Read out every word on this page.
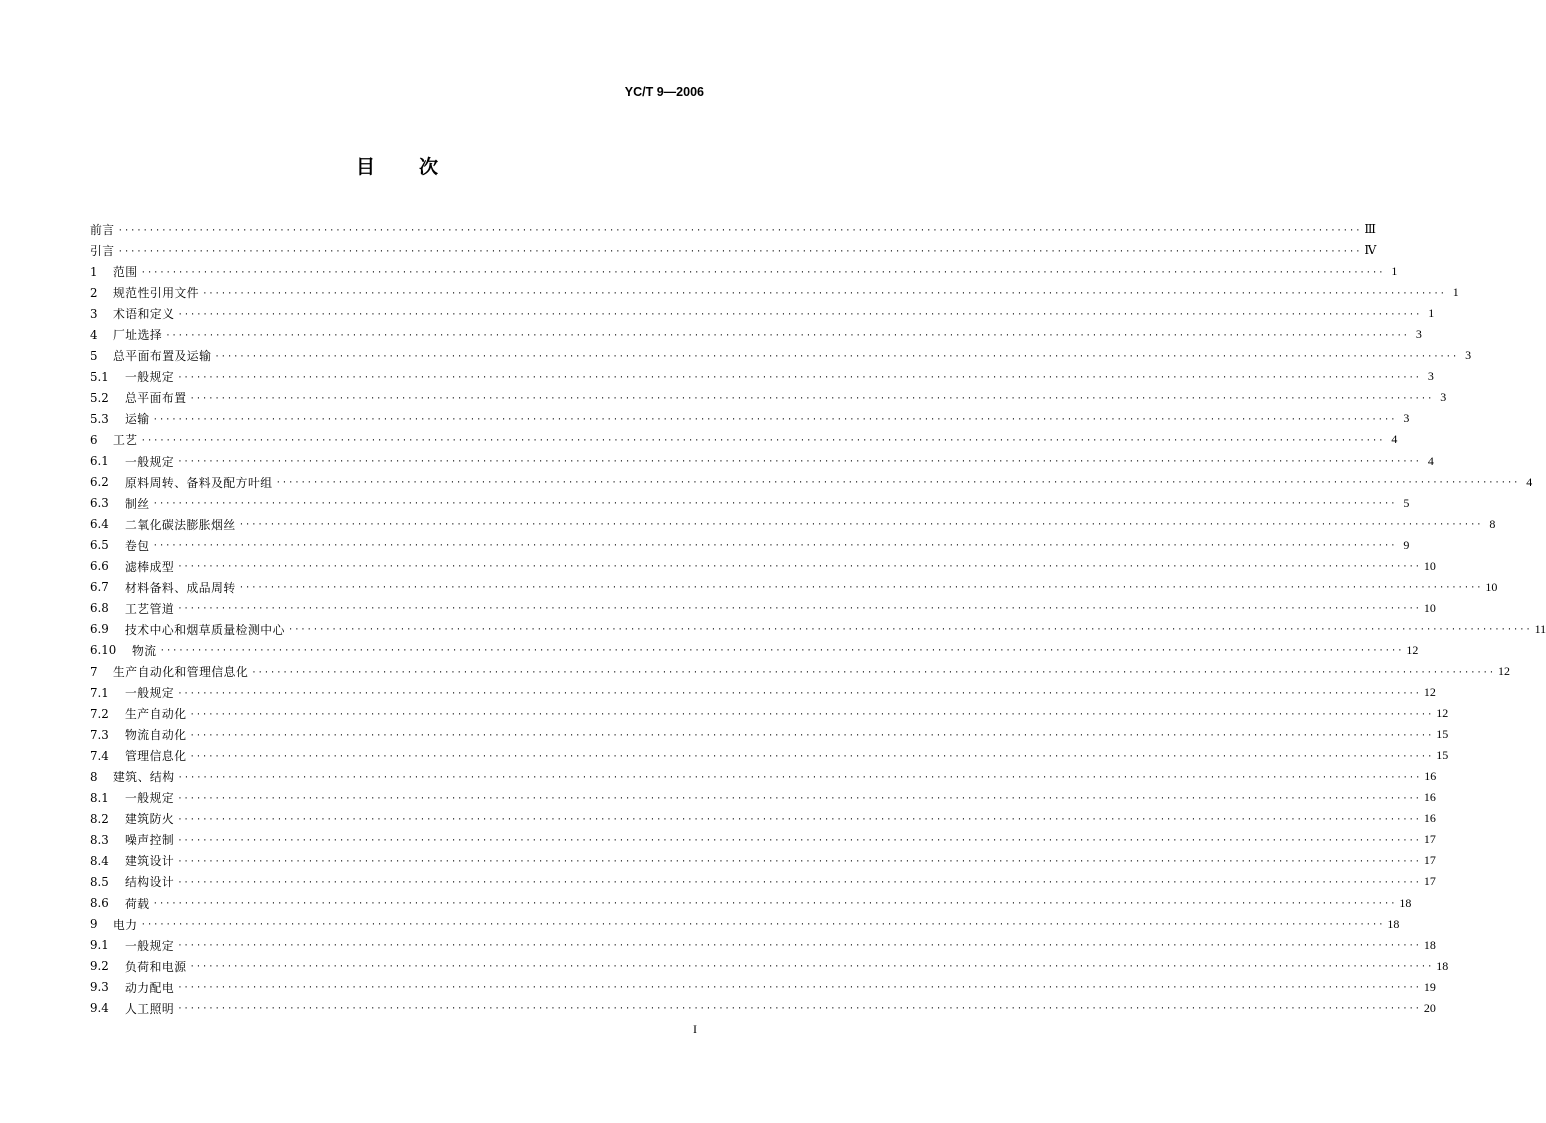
YC/T 9—2006
目 次
前言 ········································································································································································································ Ⅲ
引言 ········································································································································································································ Ⅳ
1	范围 ········································································································································································································ 1
2	规范性引用文件 ········································································································································································································ 1
3	术语和定义 ········································································································································································································ 1
4	厂址选择 ········································································································································································································ 3
5	总平面布置及运输 ········································································································································································································ 3
5.1	一般规定 ········································································································································································································ 3
5.2	总平面布置 ········································································································································································································ 3
5.3	运输 ········································································································································································································ 3
6	工艺 ········································································································································································································ 4
6.1	一般规定 ········································································································································································································ 4
6.2	原料周转、备料及配方叶组 ········································································································································································································ 4
6.3	制丝 ········································································································································································································ 5
6.4	二氧化碳法膨胀烟丝 ········································································································································································································ 8
6.5	卷包 ········································································································································································································ 9
6.6	滤棒成型 ········································································································································································································ 10
6.7	材料备料、成品周转 ········································································································································································································ 10
6.8	工艺管道 ········································································································································································································ 10
6.9	技术中心和烟草质量检测中心 ········································································································································································································ 11
6.10	物流 ········································································································································································································ 12
7	生产自动化和管理信息化 ········································································································································································································ 12
7.1	一般规定 ········································································································································································································ 12
7.2	生产自动化 ········································································································································································································ 12
7.3	物流自动化 ········································································································································································································ 15
7.4	管理信息化 ········································································································································································································ 15
8	建筑、结构 ········································································································································································································ 16
8.1	一般规定 ········································································································································································································ 16
8.2	建筑防火 ········································································································································································································ 16
8.3	噪声控制 ········································································································································································································ 17
8.4	建筑设计 ········································································································································································································ 17
8.5	结构设计 ········································································································································································································ 17
8.6	荷载 ········································································································································································································ 18
9	电力 ········································································································································································································ 18
9.1	一般规定 ········································································································································································································ 18
9.2	负荷和电源 ········································································································································································································ 18
9.3	动力配电 ········································································································································································································ 19
9.4	人工照明 ········································································································································································································ 20
I
